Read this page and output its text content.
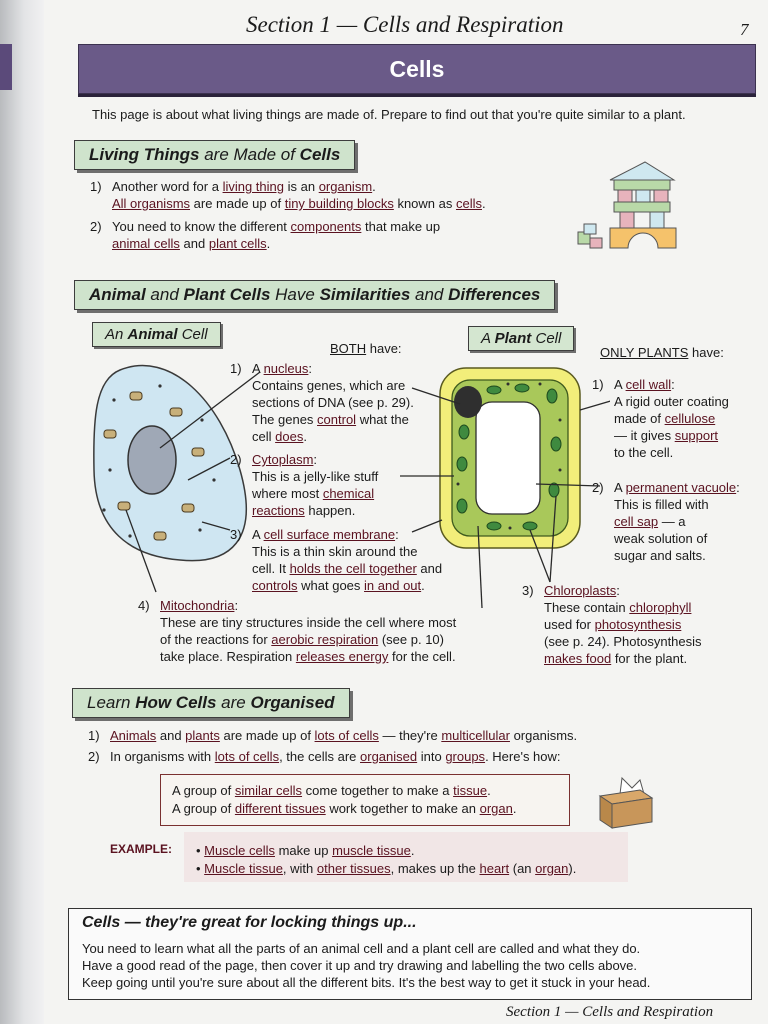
Section 1 — Cells and Respiration	7
Cells
This page is about what living things are made of. Prepare to find out that you're quite similar to a plant.
Living Things are Made of Cells
1) Another word for a living thing is an organism.
All organisms are made up of tiny building blocks known as cells.
2) You need to know the different components that make up
animal cells and plant cells.
Animal and Plant Cells Have Similarities and Differences
An Animal Cell	A Plant Cell
BOTH have:	ONLY PLANTS have:
1) A nucleus:
Contains genes, which are
sections of DNA (see p. 29).
The genes control what the
cell does.
2) Cytoplasm:
This is a jelly-like stuff
where most chemical
reactions happen.
3) A cell surface membrane:
This is a thin skin around the
cell. It holds the cell together and
controls what goes in and out.
4) Mitochondria:
These are tiny structures inside the cell where most
of the reactions for aerobic respiration (see p. 10)
take place. Respiration releases energy for the cell.
1) A cell wall:
A rigid outer coating
made of cellulose
— it gives support
to the cell.
2) A permanent vacuole:
This is filled with
cell sap — a
weak solution of
sugar and salts.
3) Chloroplasts:
These contain chlorophyll
used for photosynthesis
(see p. 24). Photosynthesis
makes food for the plant.
Learn How Cells are Organised
1) Animals and plants are made up of lots of cells — they're multicellular organisms.
2) In organisms with lots of cells, the cells are organised into groups. Here's how:
A group of similar cells come together to make a tissue.
A group of different tissues work together to make an organ.
EXAMPLE: • Muscle cells make up muscle tissue.
• Muscle tissue, with other tissues, makes up the heart (an organ).
Cells — they're great for locking things up...
You need to learn what all the parts of an animal cell and a plant cell are called and what they do.
Have a good read of the page, then cover it up and try drawing and labelling the two cells above.
Keep going until you're sure about all the different bits. It's the best way to get it stuck in your head.
Section 1 — Cells and Respiration
